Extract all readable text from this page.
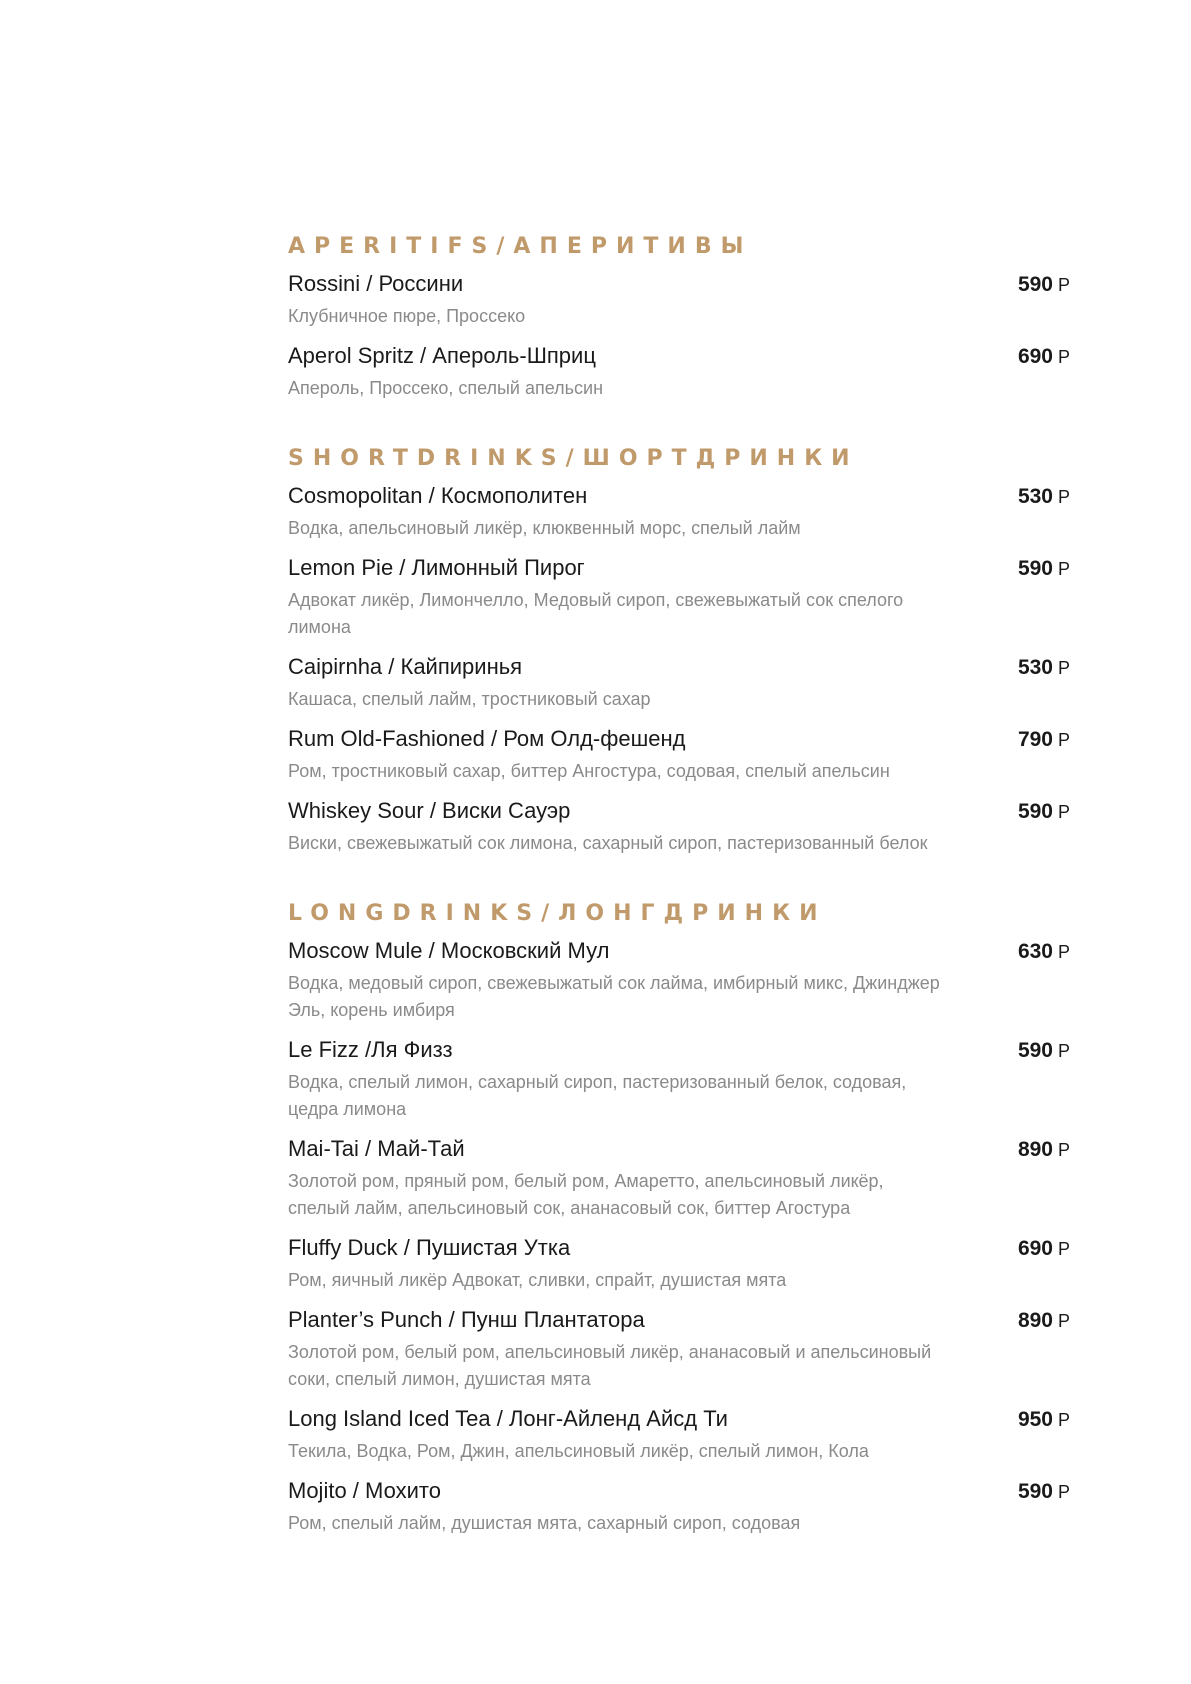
APERITIFS/АПЕРИТИВЫ
Rossini / Россини	590 Р
Клубничное пюре, Проссеко
Aperol Spritz / Апероль-Шприц	690 Р
Апероль, Проссеко, спелый апельсин
SHORTDRINKS/ШОРТДРИНКИ
Cosmopolitan / Космополитен	530 Р
Водка, апельсиновый ликёр, клюквенный морс, спелый лайм
Lemon Pie / Лимонный Пирог	590 Р
Адвокат ликёр, Лимончелло, Медовый сироп, свежевыжатый сок спелого лимона
Caipirnha / Кайпиринья	530 Р
Кашаса, спелый лайм, тростниковый сахар
Rum Old-Fashioned / Ром Олд-фешенд	790 Р
Ром, тростниковый сахар, биттер Ангостура, содовая, спелый апельсин
Whiskey Sour / Виски Сауэр	590 Р
Виски, свежевыжатый сок лимона, сахарный сироп, пастеризованный белок
LONGDRINKS/ЛОНГДРИНКИ
Moscow Mule / Московский Мул	630 Р
Водка, медовый сироп, свежевыжатый сок лайма, имбирный микс, Джинджер Эль, корень имбиря
Le Fizz /Ля Физз	590 Р
Водка, спелый лимон, сахарный сироп, пастеризованный белок, содовая, цедра лимона
Mai-Tai / Май-Тай	890 Р
Золотой ром, пряный ром, белый ром, Амаретто, апельсиновый ликёр, спелый лайм, апельсиновый сок, ананасовый сок, биттер Агостура
Fluffy Duck / Пушистая Утка	690 Р
Ром, яичный ликёр Адвокат, сливки, спрайт, душистая мята
Planter’s Punch / Пунш Плантатора	890 Р
Золотой ром, белый ром, апельсиновый ликёр, ананасовый и апельсиновый соки, спелый лимон, душистая мята
Long Island Iced Tea / Лонг-Айленд Айсд Ти	950 Р
Текила, Водка, Ром, Джин, апельсиновый ликёр, спелый лимон, Кола
Mojito / Мохито	590 Р
Ром, спелый лайм, душистая мята, сахарный сироп, содовая
